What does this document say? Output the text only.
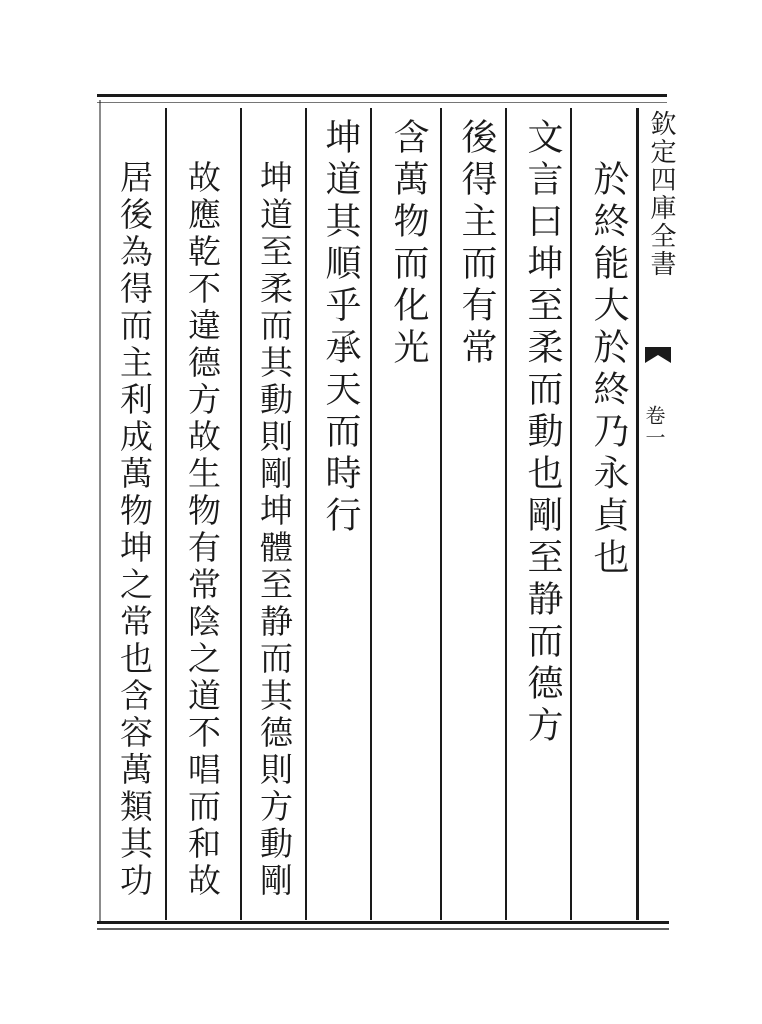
欽定四庫全書
卷一
於終能大於終乃永貞也
文言曰坤至柔而動也剛至静而德方
後得主而有常
含萬物而化光
坤道其順乎承天而時行
坤道至柔而其動則剛坤體至静而其德則方動剛
故應乾不違德方故生物有常陰之道不唱而和故
居後為得而主利成萬物坤之常也含容萬類其功
